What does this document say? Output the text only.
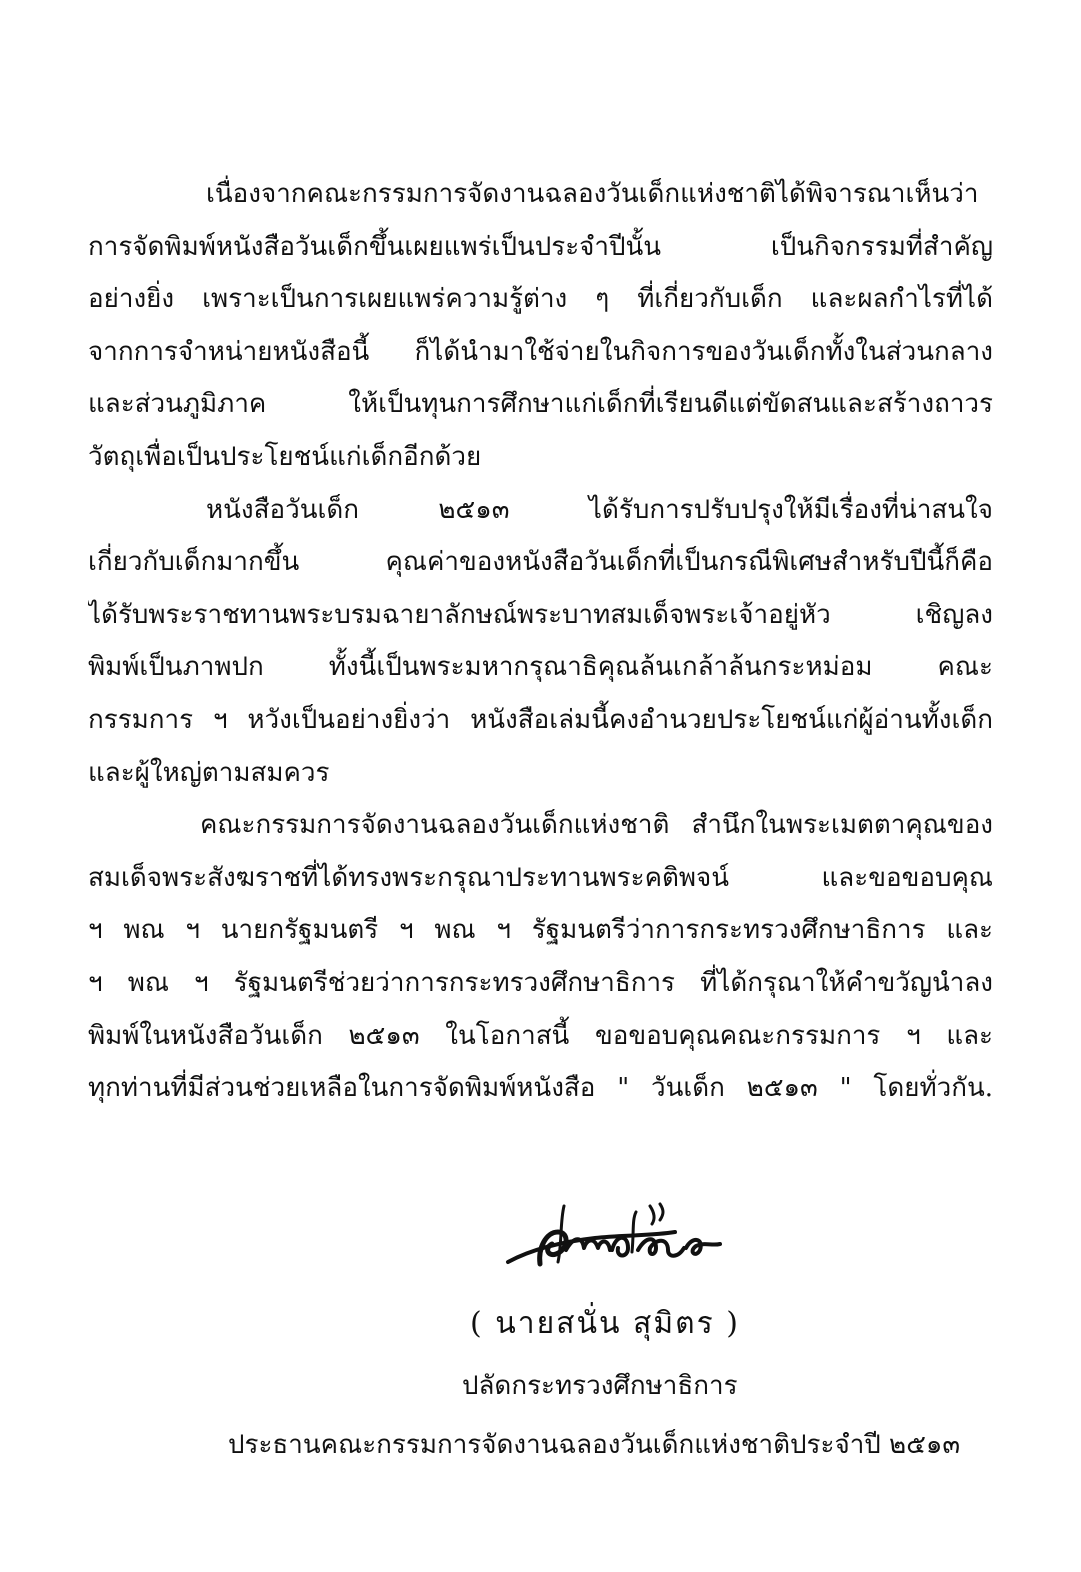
เนื่องจากคณะกรรมการจัดงานฉลองวันเด็กแห่งชาติได้พิจารณาเห็นว่า
การจัดพิมพ์หนังสือวันเด็กขึ้นเผยแพร่เป็นประจำปีนั้น เป็นกิจกรรมที่สำคัญ
อย่างยิ่ง เพราะเป็นการเผยแพร่ความรู้ต่าง ๆ ที่เกี่ยวกับเด็ก และผลกำไรที่ได้
จากการจำหน่ายหนังสือนี้ ก็ได้นำมาใช้จ่ายในกิจการของวันเด็กทั้งในส่วนกลาง
และส่วนภูมิภาค ให้เป็นทุนการศึกษาแก่เด็กที่เรียนดีแต่ขัดสนและสร้างถาวร
วัตถุเพื่อเป็นประโยชน์แก่เด็กอีกด้วย
หนังสือวันเด็ก ๒๕๑๓ ได้รับการปรับปรุงให้มีเรื่องที่น่าสนใจ
เกี่ยวกับเด็กมากขึ้น คุณค่าของหนังสือวันเด็กที่เป็นกรณีพิเศษสำหรับปีนี้ก็คือ
ได้รับพระราชทานพระบรมฉายาลักษณ์พระบาทสมเด็จพระเจ้าอยู่หัว เชิญลง
พิมพ์เป็นภาพปก ทั้งนี้เป็นพระมหากรุณาธิคุณล้นเกล้าล้นกระหม่อม คณะ
กรรมการ ฯ หวังเป็นอย่างยิ่งว่า หนังสือเล่มนี้คงอำนวยประโยชน์แก่ผู้อ่านทั้งเด็ก
และผู้ใหญ่ตามสมควร
คณะกรรมการจัดงานฉลองวันเด็กแห่งชาติ สำนึกในพระเมตตาคุณของ
สมเด็จพระสังฆราชที่ได้ทรงพระกรุณาประทานพระคติพจน์ และขอขอบคุณ
ฯ พณ ฯ นายกรัฐมนตรี ฯ พณ ฯ รัฐมนตรีว่าการกระทรวงศึกษาธิการ และ
ฯ พณ ฯ รัฐมนตรีช่วยว่าการกระทรวงศึกษาธิการ ที่ได้กรุณาให้คำขวัญนำลง
พิมพ์ในหนังสือวันเด็ก ๒๕๑๓ ในโอกาสนี้ ขอขอบคุณคณะกรรมการ ฯ และ
ทุกท่านที่มีส่วนช่วยเหลือในการจัดพิมพ์หนังสือ " วันเด็ก ๒๕๑๓ " โดยทั่วกัน.
( นายสนั่น สุมิตร )
ปลัดกระทรวงศึกษาธิการ
ประธานคณะกรรมการจัดงานฉลองวันเด็กแห่งชาติประจำปี ๒๕๑๓
